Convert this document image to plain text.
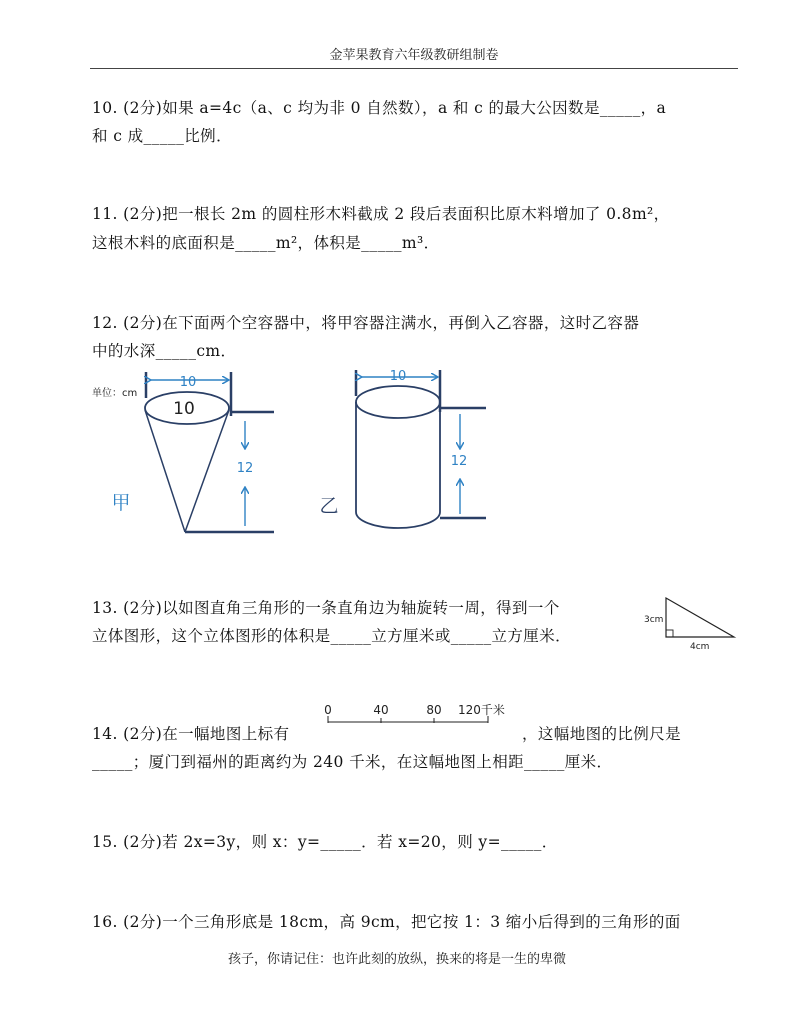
金苹果教育六年级教研组制卷
10. (2分)如果 a=4c（a、c 均为非 0 自然数），a 和 c 的最大公因数是_____，a
和 c 成_____比例．
11. (2分)把一根长 2m 的圆柱形木料截成 2 段后表面积比原木料增加了 0.8m²，
这根木料的底面积是_____m²，体积是_____m³．
12. (2分)在下面两个空容器中，将甲容器注满水，再倒入乙容器，这时乙容器
中的水深_____cm．
单位：cm
10
10
12
甲
10
12
乙
13. (2分)以如图直角三角形的一条直角边为轴旋转一周，得到一个
立体图形，这个立体图形的体积是_____立方厘米或_____立方厘米．
3cm
4cm
14. (2分)在一幅地图上标有	，这幅地图的比例尺是
_____；厦门到福州的距离约为 240 千米，在这幅地图上相距_____厘米．
0	40	80 120千米
15. (2分)若 2x=3y，则 x：y=_____．若 x=20，则 y=_____．
16. (2分)一个三角形底是 18cm，高 9cm，把它按 1：3 缩小后得到的三角形的面
孩子，你请记住：也许此刻的放纵，换来的将是一生的卑微
